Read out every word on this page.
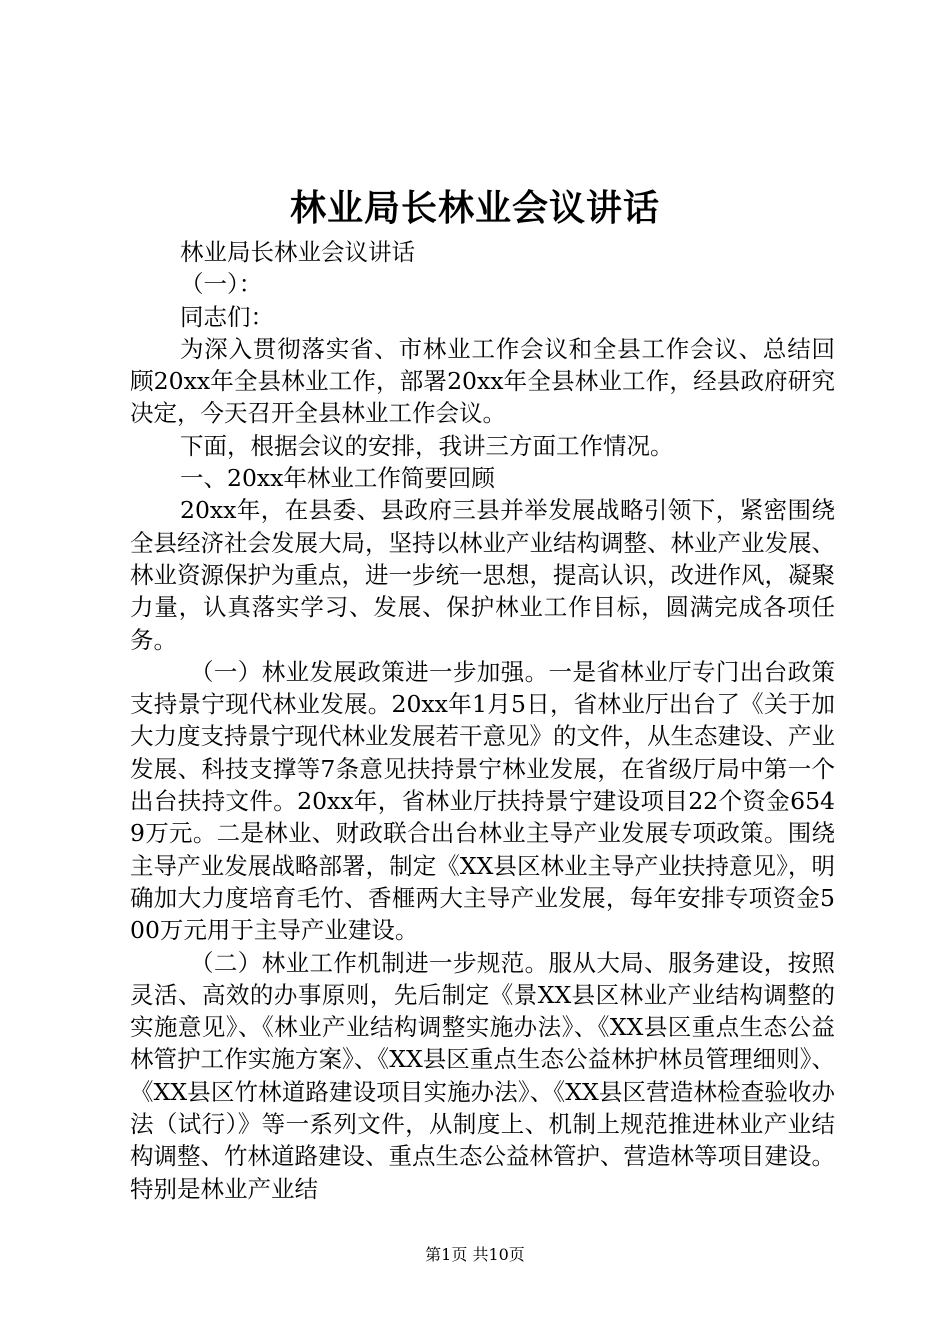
林业局长林业会议讲话

林业局长林业会议讲话

（一）：

同志们：

为深入贯彻落实省、市林业工作会议和全县工作会议、总结回顾20xx年全县林业工作，部署20xx年全县林业工作，经县政府研究决定，今天召开全县林业工作会议。

下面，根据会议的安排，我讲三方面工作情况。

一、20xx年林业工作简要回顾

20xx年，在县委、县政府三县并举发展战略引领下，紧密围绕全县经济社会发展大局，坚持以林业产业结构调整、林业产业发展、林业资源保护为重点，进一步统一思想，提高认识，改进作风，凝聚力量，认真落实学习、发展、保护林业工作目标，圆满完成各项任务。

（一）林业发展政策进一步加强。一是省林业厅专门出台政策支持景宁现代林业发展。20xx年1月5日，省林业厅出台了《关于加大力度支持景宁现代林业发展若干意见》的文件，从生态建设、产业发展、科技支撑等7条意见扶持景宁林业发展，在省级厅局中第一个出台扶持文件。20xx年，省林业厅扶持景宁建设项目22个资金6549万元。二是林业、财政联合出台林业主导产业发展专项政策。围绕主导产业发展战略部署，制定《XX县区林业主导产业扶持意见》，明确加大力度培育毛竹、香榧两大主导产业发展，每年安排专项资金500万元用于主导产业建设。

（二）林业工作机制进一步规范。服从大局、服务建设，按照灵活、高效的办事原则，先后制定《景XX县区林业产业结构调整的实施意见》、《林业产业结构调整实施办法》、《XX县区重点生态公益林管护工作实施方案》、《XX县区重点生态公益林护林员管理细则》、《XX县区竹林道路建设项目实施办法》、《XX县区营造林检查验收办法（试行）》等一系列文件，从制度上、机制上规范推进林业产业结构调整、竹林道路建设、重点生态公益林管护、营造林等项目建设。特别是林业产业结

第1页 共10页
